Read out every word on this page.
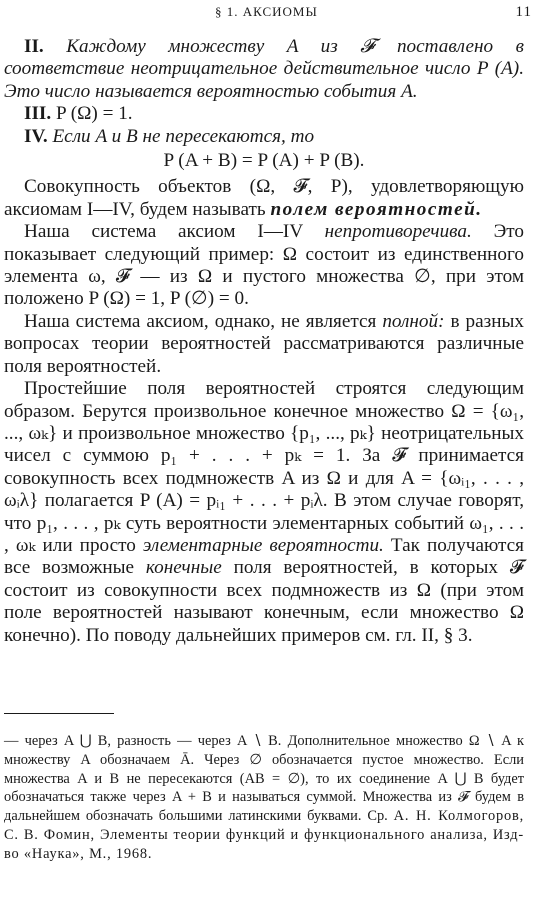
§ 1. АКСИОМЫ	11

II. Каждому множеству A из 𝓕 поставлено в соответствие неотрицательное действительное число P (A). Это число называется вероятностью события A.

III. P (Ω) = 1.

IV. Если A и B не пересекаются, то

P (A + B) = P (A) + P (B).

Совокупность объектов (Ω, 𝓕, P), удовлетворяющую аксиомам I—IV, будем называть полем вероятностей.

Наша система аксиом I—IV непротиворечива. Это показывает следующий пример: Ω состоит из единственного элемента ω, 𝓕 — из Ω и пустого множества ∅, при этом положено P (Ω) = 1, P (∅) = 0.

Наша система аксиом, однако, не является полной: в разных вопросах теории вероятностей рассматриваются различные поля вероятностей.

Простейшие поля вероятностей строятся следующим образом. Берутся произвольное конечное множество Ω = {ω₁, ..., ωₖ} и произвольное множество {p₁, ..., pₖ} неотрицательных чисел с суммою p₁ + . . . + pₖ = 1. За 𝓕 принимается совокупность всех подмножеств A из Ω и для A = {ωᵢ₁, . . . , ωᵢλ} полагается P (A) = pᵢ₁ + . . . + pᵢλ. В этом случае говорят, что p₁, . . . , pₖ суть вероятности элементарных событий ω₁, . . . , ωₖ или просто элементарные вероятности. Так получаются все возможные конечные поля вероятностей, в которых 𝓕 состоит из совокупности всех подмножеств из Ω (при этом поле вероятностей называют конечным, если множество Ω конечно). По поводу дальнейших примеров см. гл. II, § 3.

— через A ⋃ B, разность — через A ∖ B. Дополнительное множество Ω ∖ A к множеству A обозначаем Ā. Через ∅ обозначается пустое множество. Если множества A и B не пересекаются (AB = ∅), то их соединение A ⋃ B будет обозначаться также через A + B и называться суммой. Множества из 𝓕 будем в дальнейшем обозначать большими латинскими буквами. Ср. А. Н. Колмогоров, С. В. Фомин, Элементы теории функций и функционального анализа, Изд-во «Наука», М., 1968.
